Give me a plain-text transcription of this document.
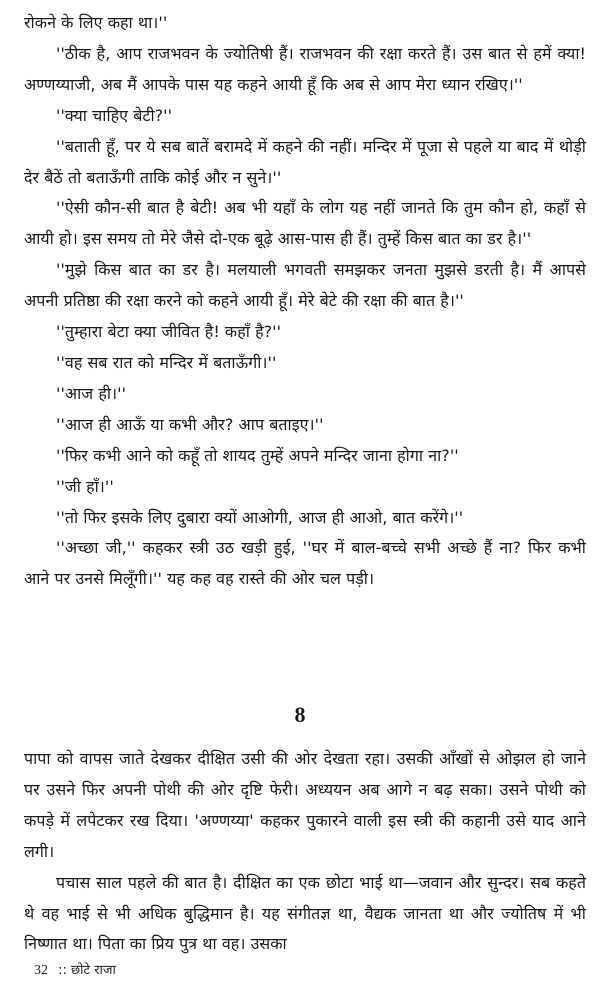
रोकने के लिए कहा था।''

''ठीक है, आप राजभवन के ज्योतिषी हैं। राजभवन की रक्षा करते हैं। उस बात से हमें क्या! अण्णय्याजी, अब मैं आपके पास यह कहने आयी हूँ कि अब से आप मेरा ध्यान रखिए।''

''क्या चाहिए बेटी?''

''बताती हूँ, पर ये सब बातें बरामदे में कहने की नहीं। मन्दिर में पूजा से पहले या बाद में थोड़ी देर बैठें तो बताऊँगी ताकि कोई और न सुने।''

''ऐसी कौन-सी बात है बेटी! अब भी यहाँ के लोग यह नहीं जानते कि तुम कौन हो, कहाँ से आयी हो। इस समय तो मेरे जैसे दो-एक बूढ़े आस-पास ही हैं। तुम्हें किस बात का डर है।''

''मुझे किस बात का डर है। मलयाली भगवती समझकर जनता मुझसे डरती है। मैं आपसे अपनी प्रतिष्ठा की रक्षा करने को कहने आयी हूँ। मेरे बेटे की रक्षा की बात है।''

''तुम्हारा बेटा क्या जीवित है! कहाँ है?''

''वह सब रात को मन्दिर में बताऊँगी।''

''आज ही।''

''आज ही आऊँ या कभी और? आप बताइए।''

''फिर कभी आने को कहूँ तो शायद तुम्हें अपने मन्दिर जाना होगा ना?''

''जी हाँ।''

''तो फिर इसके लिए दुबारा क्यों आओगी, आज ही आओ, बात करेंगे।''

''अच्छा जी,'' कहकर स्त्री उठ खड़ी हुई, ''घर में बाल-बच्चे सभी अच्छे हैं ना? फिर कभी आने पर उनसे मिलूँगी।'' यह कह वह रास्ते की ओर चल पड़ी।

8

पापा को वापस जाते देखकर दीक्षित उसी की ओर देखता रहा। उसकी आँखों से ओझल हो जाने पर उसने फिर अपनी पोथी की ओर दृष्टि फेरी। अध्ययन अब आगे न बढ़ सका। उसने पोथी को कपड़े में लपेटकर रख दिया। 'अण्णय्या' कहकर पुकारने वाली इस स्त्री की कहानी उसे याद आने लगी।

पचास साल पहले की बात है। दीक्षित का एक छोटा भाई था—जवान और सुन्दर। सब कहते थे वह भाई से भी अधिक बुद्धिमान है। यह संगीतज्ञ था, वैद्यक जानता था और ज्योतिष में भी निष्णात था। पिता का प्रिय पुत्र था वह। उसका

32 :: छोटे राजा
